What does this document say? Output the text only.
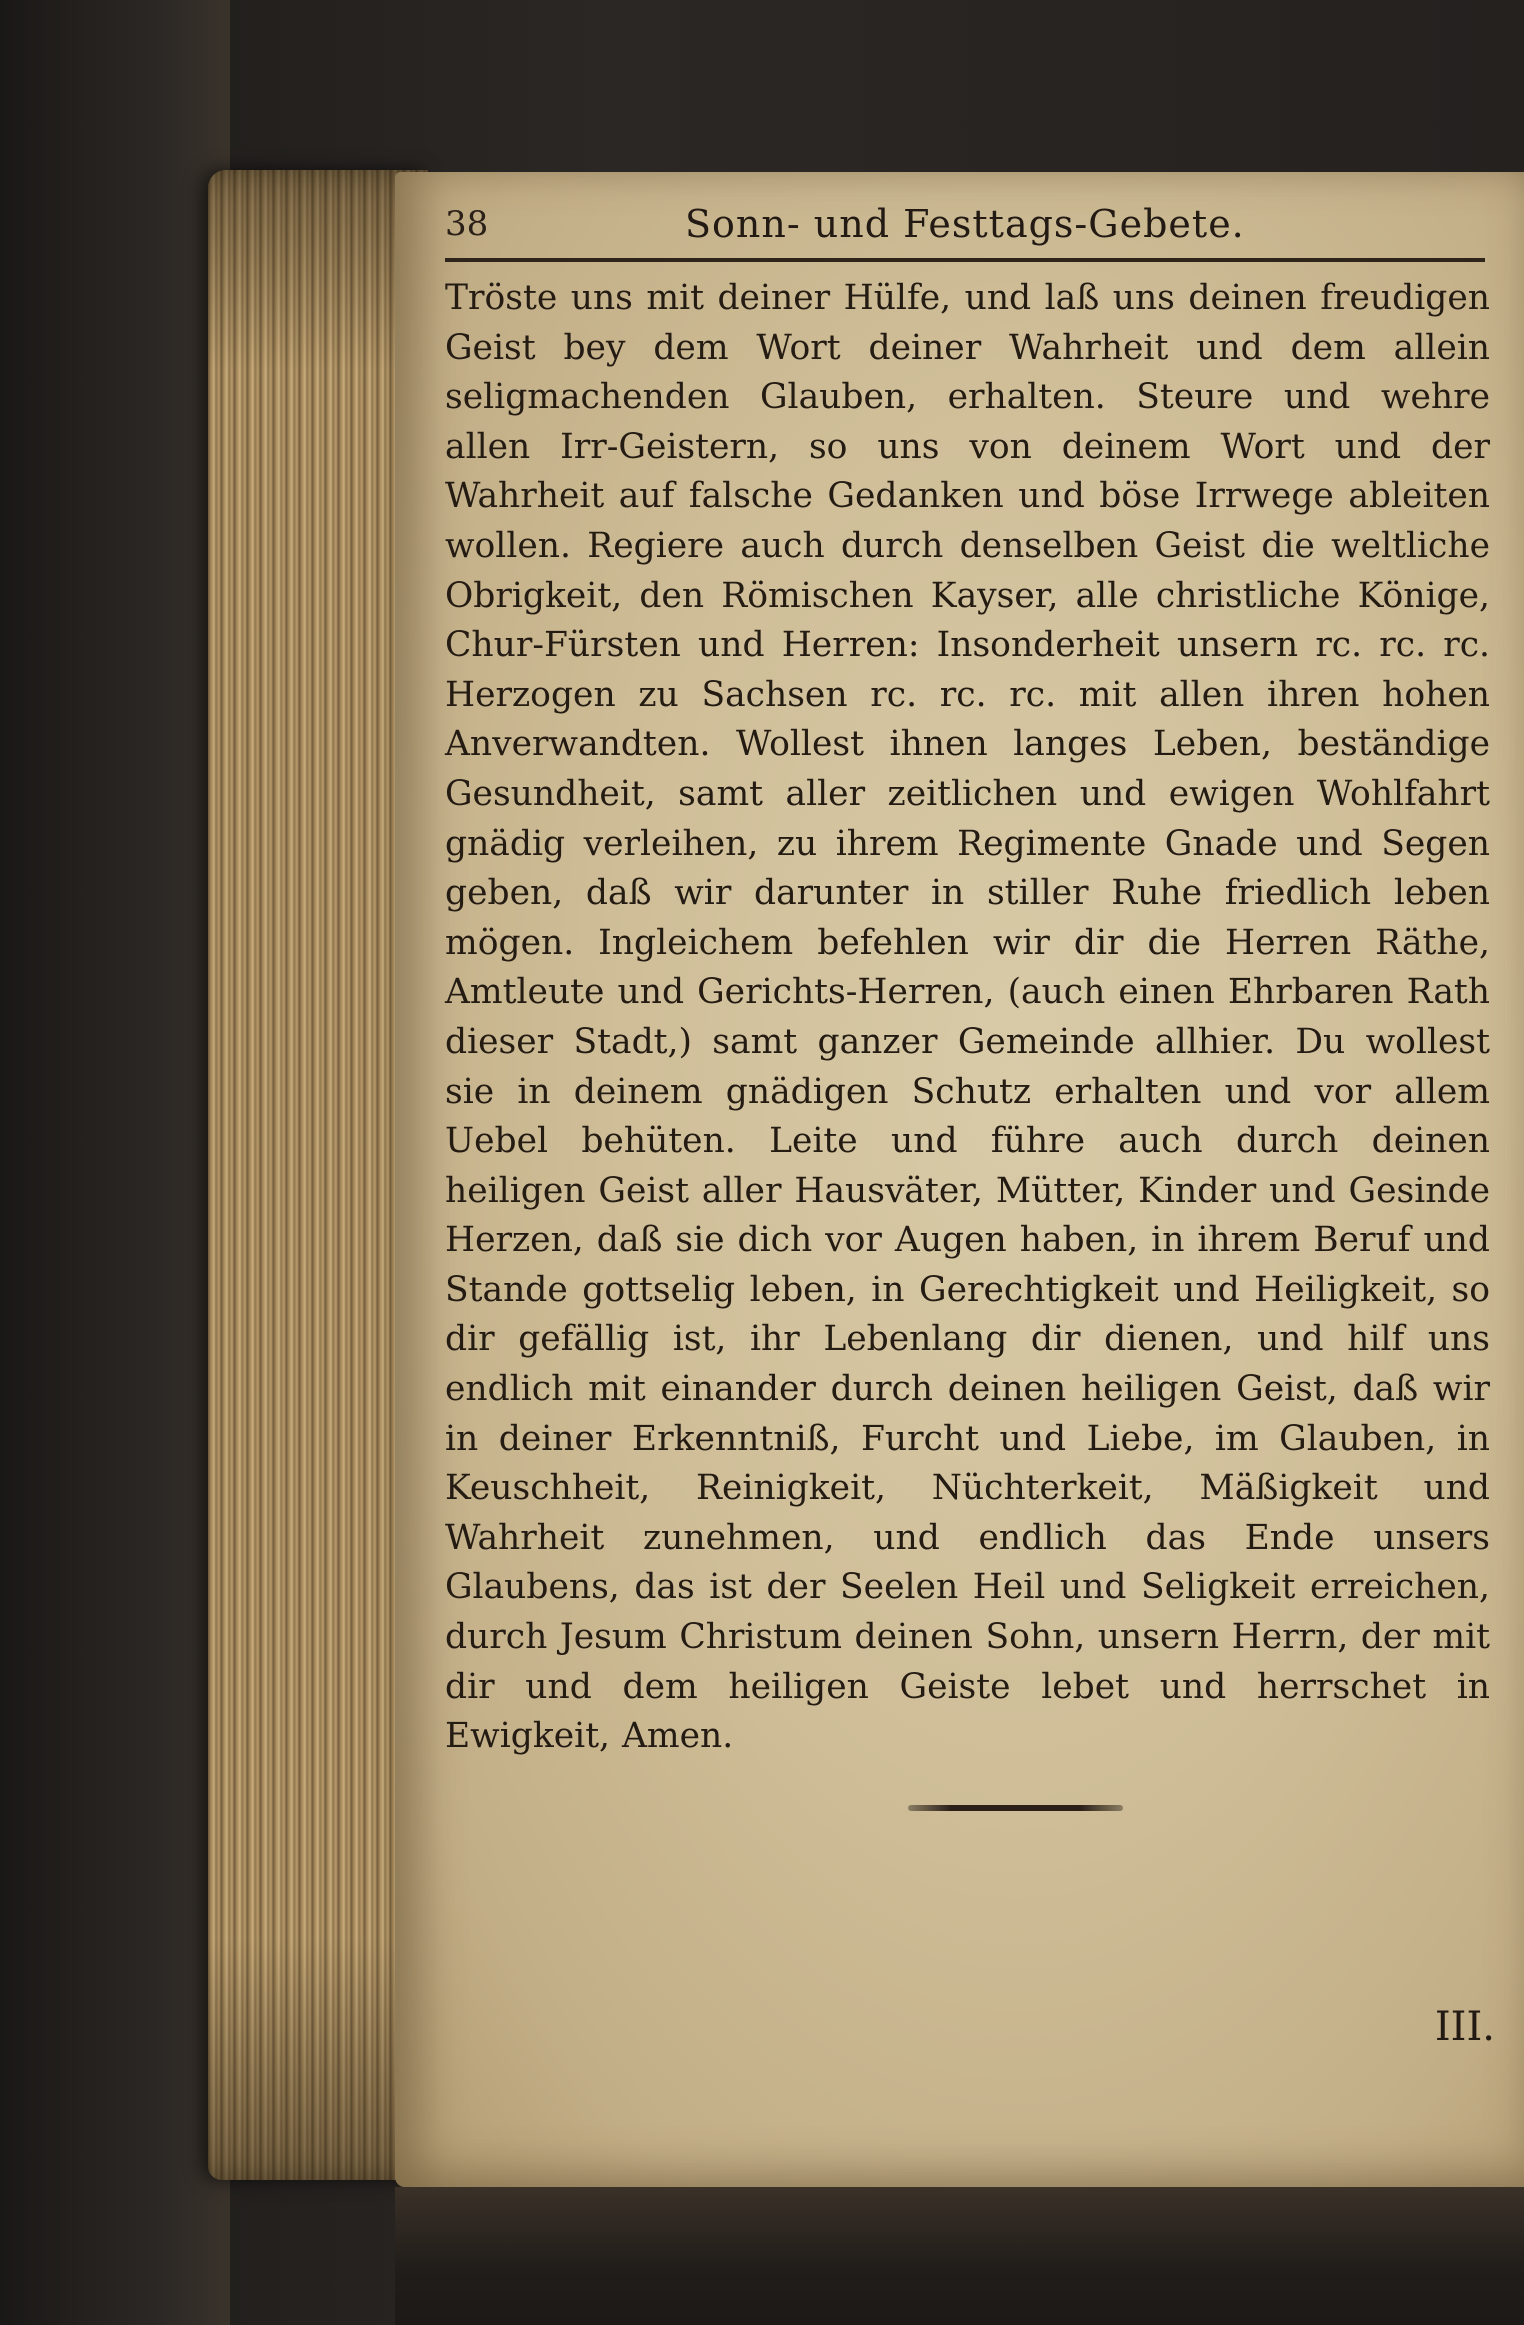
38	Sonn- und Festtags-Gebete.

Tröste uns mit deiner Hülfe, und laß uns deinen freudigen Geist bey dem Wort deiner Wahrheit und dem allein seligmachenden Glauben, erhalten. Steure und wehre allen Irr-Geistern, so uns von deinem Wort und der Wahrheit auf falsche Gedanken und böse Irrwege ableiten wollen. Regiere auch durch denselben Geist die weltliche Obrigkeit, den Römischen Kayser, alle christliche Könige, Chur-Fürsten und Herren: Insonderheit unsern rc. rc. rc. Herzogen zu Sachsen rc. rc. rc. mit allen ihren hohen Anverwandten. Wollest ihnen langes Leben, beständige Gesundheit, samt aller zeitlichen und ewigen Wohlfahrt gnädig verleihen, zu ihrem Regimente Gnade und Segen geben, daß wir darunter in stiller Ruhe friedlich leben mögen. Ingleichem befehlen wir dir die Herren Räthe, Amtleute und Gerichts-Herren, (auch einen Ehrbaren Rath dieser Stadt,) samt ganzer Gemeinde allhier. Du wollest sie in deinem gnädigen Schutz erhalten und vor allem Uebel behüten. Leite und führe auch durch deinen heiligen Geist aller Hausväter, Mütter, Kinder und Gesinde Herzen, daß sie dich vor Augen haben, in ihrem Beruf und Stande gottselig leben, in Gerechtigkeit und Heiligkeit, so dir gefällig ist, ihr Lebenlang dir dienen, und hilf uns endlich mit einander durch deinen heiligen Geist, daß wir in deiner Erkenntniß, Furcht und Liebe, im Glauben, in Keuschheit, Reinigkeit, Nüchterkeit, Mäßigkeit und Wahrheit zunehmen, und endlich das Ende unsers Glaubens, das ist der Seelen Heil und Seligkeit erreichen, durch Jesum Christum deinen Sohn, unsern Herrn, der mit dir und dem heiligen Geiste lebet und herrschet in Ewigkeit, Amen.

III.
